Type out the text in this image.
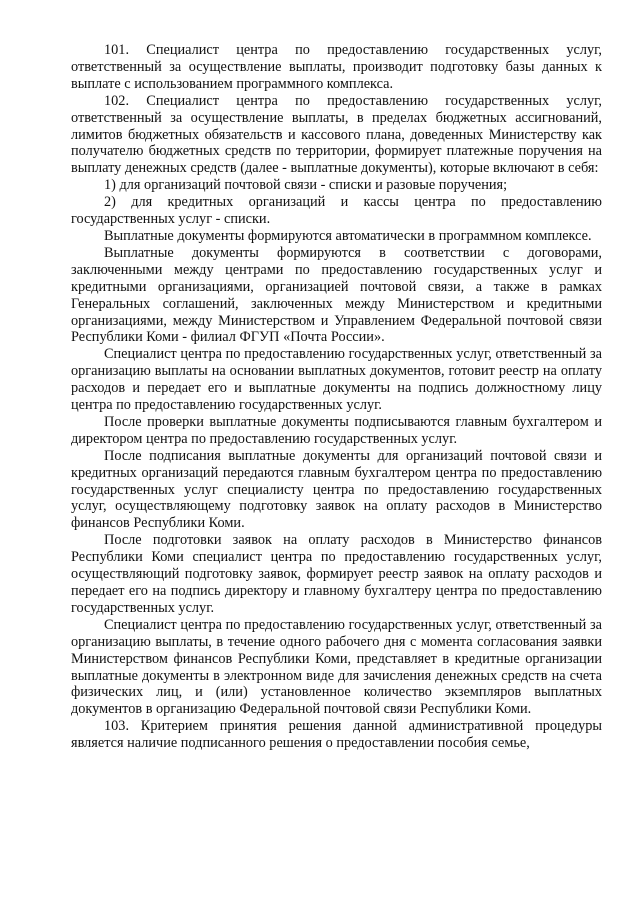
101. Специалист центра по предоставлению государственных услуг, ответственный за осуществление выплаты, производит подготовку базы данных к выплате с использованием программного комплекса.

102. Специалист центра по предоставлению государственных услуг, ответственный за осуществление выплаты, в пределах бюджетных ассигнований, лимитов бюджетных обязательств и кассового плана, доведенных Министерству как получателю бюджетных средств по территории, формирует платежные поручения на выплату денежных средств (далее - выплатные документы), которые включают в себя:

1) для организаций почтовой связи - списки и разовые поручения;

2) для кредитных организаций и кассы центра по предоставлению государственных услуг - списки.

Выплатные документы формируются автоматически в программном комплексе.

Выплатные документы формируются в соответствии с договорами, заключенными между центрами по предоставлению государственных услуг и кредитными организациями, организацией почтовой связи, а также в рамках Генеральных соглашений, заключенных между Министерством и кредитными организациями, между Министерством и Управлением Федеральной почтовой связи Республики Коми - филиал ФГУП «Почта России».

Специалист центра по предоставлению государственных услуг, ответственный за организацию выплаты на основании выплатных документов, готовит реестр на оплату расходов и передает его и выплатные документы на подпись должностному лицу центра по предоставлению государственных услуг.

После проверки выплатные документы подписываются главным бухгалтером и директором центра по предоставлению государственных услуг.

После подписания выплатные документы для организаций почтовой связи и кредитных организаций передаются главным бухгалтером центра по предоставлению государственных услуг специалисту центра по предоставлению государственных услуг, осуществляющему подготовку заявок на оплату расходов в Министерство финансов Республики Коми.

После подготовки заявок на оплату расходов в Министерство финансов Республики Коми специалист центра по предоставлению государственных услуг, осуществляющий подготовку заявок, формирует реестр заявок на оплату расходов и передает его на подпись директору и главному бухгалтеру центра по предоставлению государственных услуг.

Специалист центра по предоставлению государственных услуг, ответственный за организацию выплаты, в течение одного рабочего дня с момента согласования заявки Министерством финансов Республики Коми, представляет в кредитные организации выплатные документы в электронном виде для зачисления денежных средств на счета физических лиц, и (или) установленное количество экземпляров выплатных документов в организацию Федеральной почтовой связи Республики Коми.

103. Критерием принятия решения данной административной процедуры является наличие подписанного решения о предоставлении пособия семье,
